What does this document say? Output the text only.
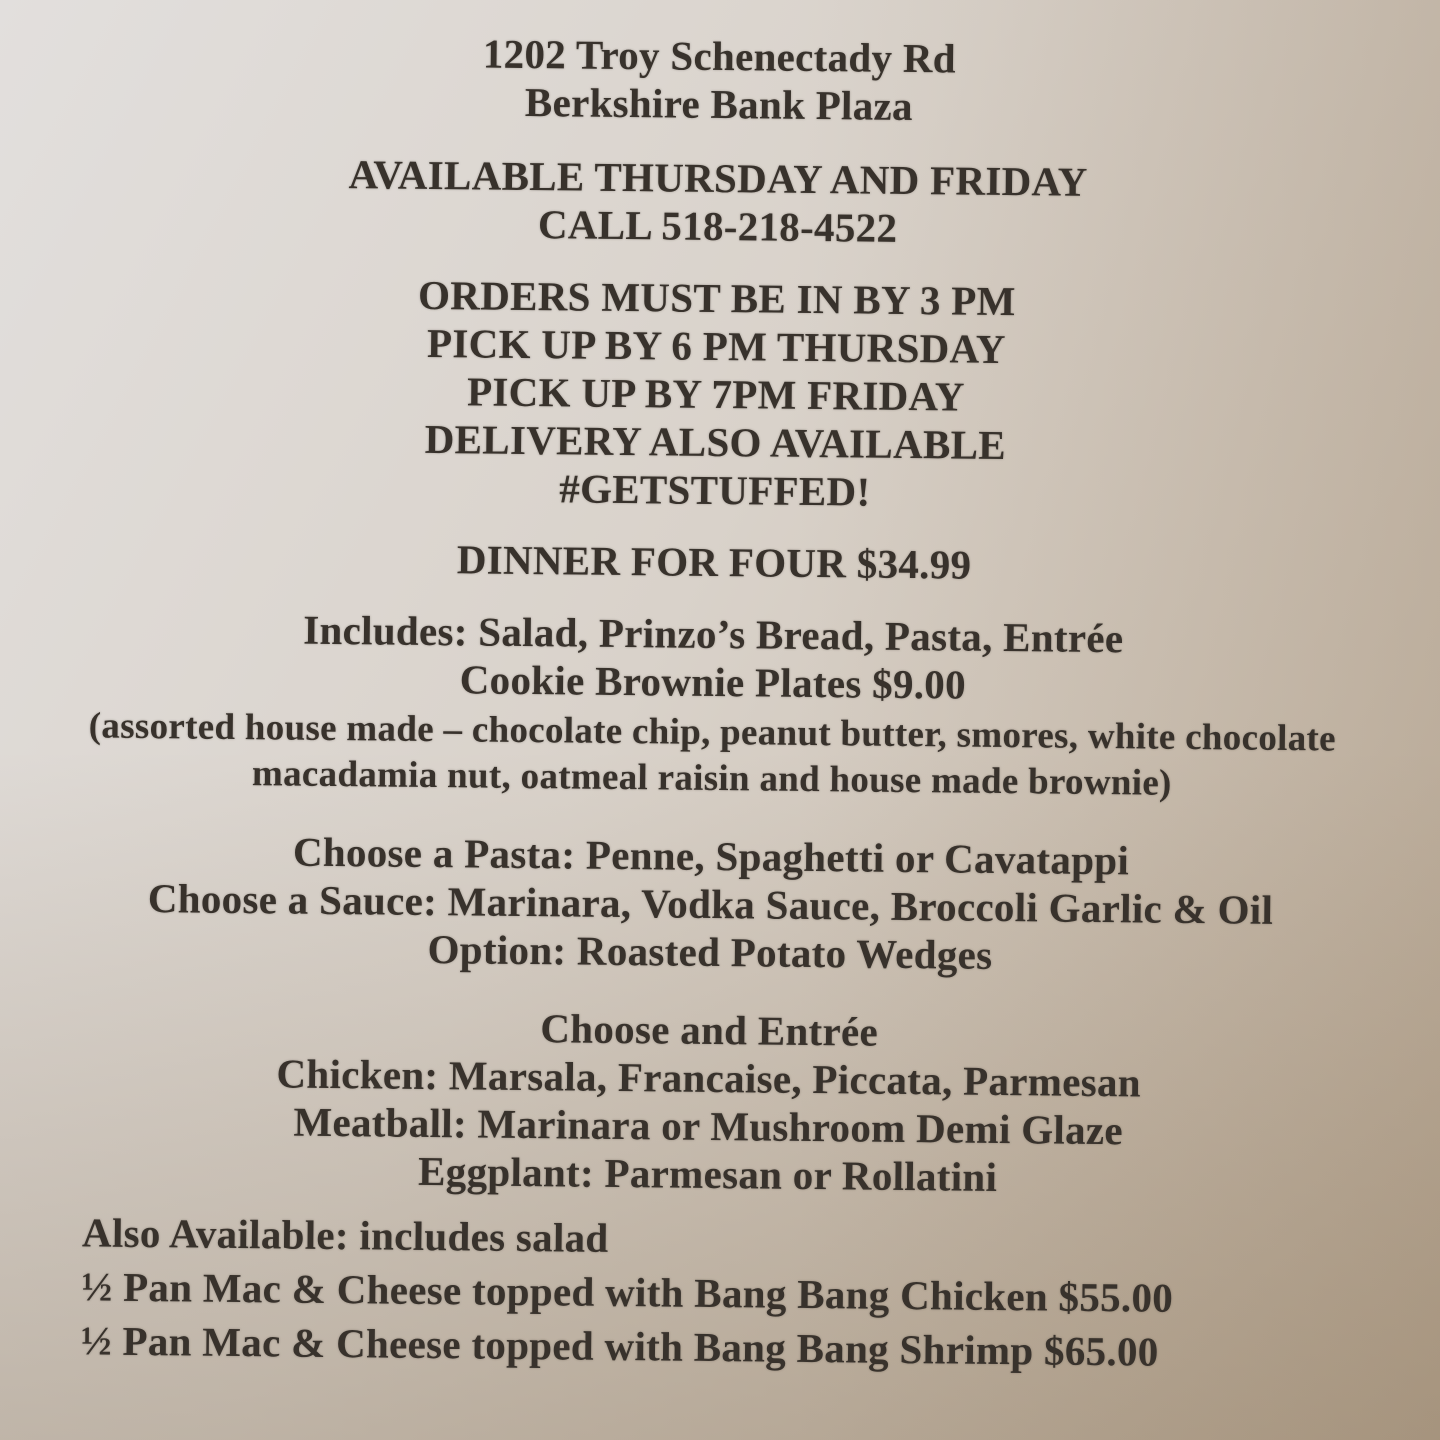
1202 Troy Schenectady Rd

Berkshire Bank Plaza

AVAILABLE THURSDAY AND FRIDAY

CALL 518-218-4522

ORDERS MUST BE IN BY 3 PM

PICK UP BY 6 PM THURSDAY

PICK UP BY 7PM FRIDAY

DELIVERY ALSO AVAILABLE

#GETSTUFFED!

DINNER FOR FOUR $34.99

Includes: Salad, Prinzo’s Bread, Pasta, Entrée

Cookie Brownie Plates $9.00

(assorted house made – chocolate chip, peanut butter, smores, white chocolate

macadamia nut, oatmeal raisin and house made brownie)

Choose a Pasta: Penne, Spaghetti or Cavatappi

Choose a Sauce: Marinara, Vodka Sauce, Broccoli Garlic & Oil

Option: Roasted Potato Wedges

Choose and Entrée

Chicken: Marsala, Francaise, Piccata, Parmesan

Meatball: Marinara or Mushroom Demi Glaze

Eggplant: Parmesan or Rollatini

Also Available: includes salad

½ Pan Mac & Cheese topped with Bang Bang Chicken $55.00

½ Pan Mac & Cheese topped with Bang Bang Shrimp $65.00
